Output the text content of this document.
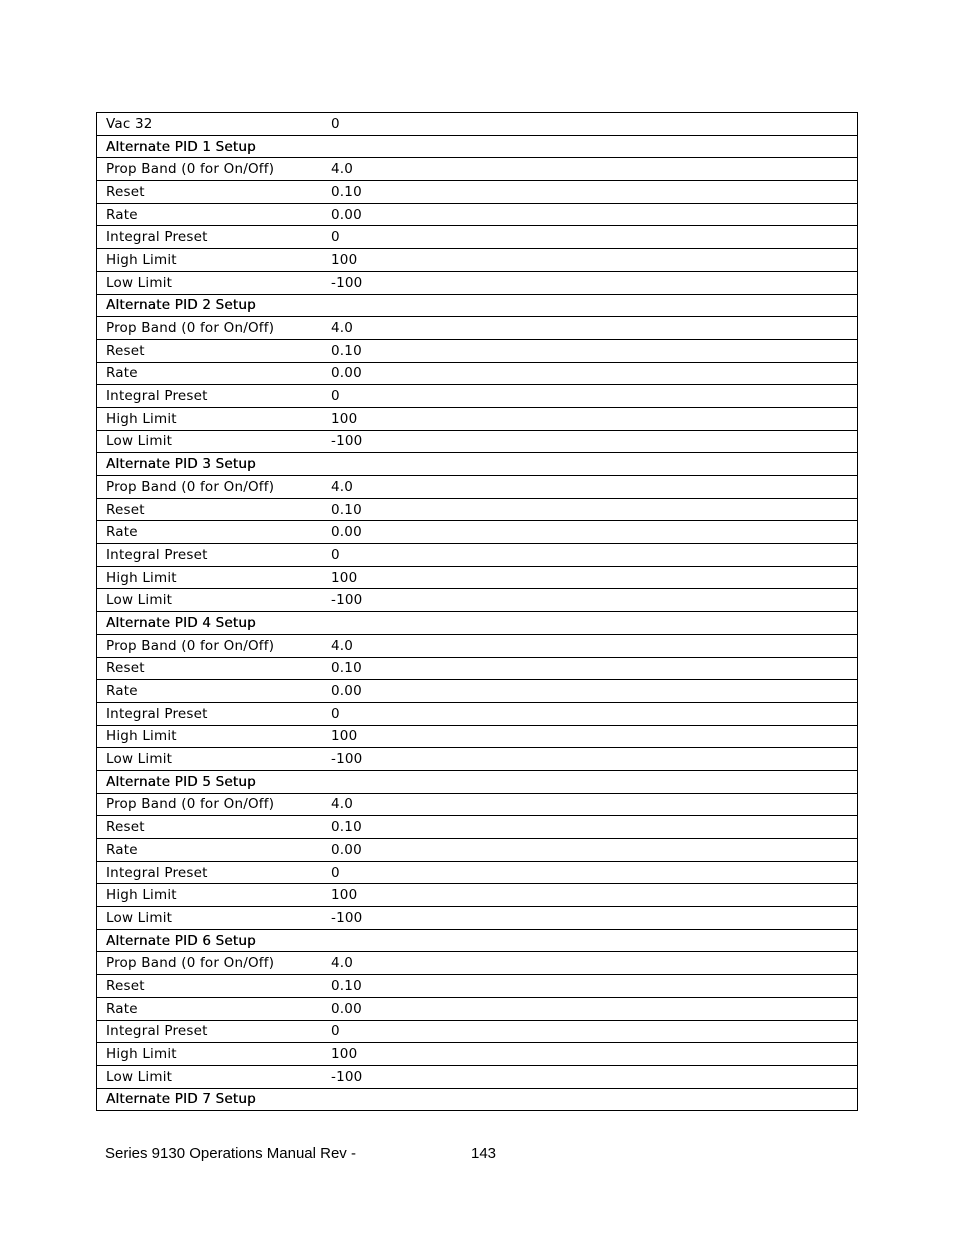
Vac 32	0
Alternate PID 1 Setup	
Prop Band (0 for On/Off)	4.0
Reset	0.10
Rate	0.00
Integral Preset	0
High Limit	100
Low Limit	-100
Alternate PID 2 Setup	
Prop Band (0 for On/Off)	4.0
Reset	0.10
Rate	0.00
Integral Preset	0
High Limit	100
Low Limit	-100
Alternate PID 3 Setup	
Prop Band (0 for On/Off)	4.0
Reset	0.10
Rate	0.00
Integral Preset	0
High Limit	100
Low Limit	-100
Alternate PID 4 Setup	
Prop Band (0 for On/Off)	4.0
Reset	0.10
Rate	0.00
Integral Preset	0
High Limit	100
Low Limit	-100
Alternate PID 5 Setup	
Prop Band (0 for On/Off)	4.0
Reset	0.10
Rate	0.00
Integral Preset	0
High Limit	100
Low Limit	-100
Alternate PID 6 Setup	
Prop Band (0 for On/Off)	4.0
Reset	0.10
Rate	0.00
Integral Preset	0
High Limit	100
Low Limit	-100
Alternate PID 7 Setup	
Series 9130 Operations Manual Rev -	143
